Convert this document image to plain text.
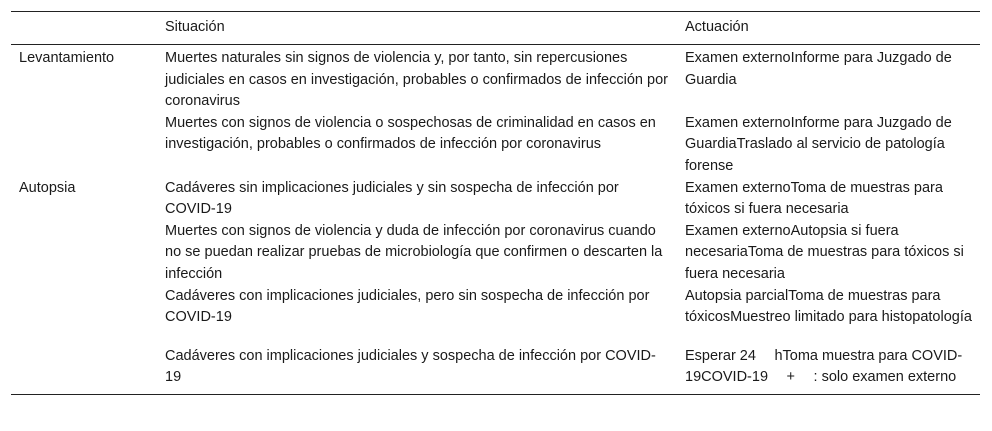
	Situación	Actuación
Levantamiento	Muertes naturales sin signos de violencia y, por tanto, sin repercusiones judiciales en casos en investigación, probables o confirmados de infección por coronavirus	Examen externoInforme para Juzgado de Guardia
	Muertes con signos de violencia o sospechosas de criminalidad en casos en investigación, probables o confirmados de infección por coronavirus	Examen externoInforme para Juzgado de GuardiaTraslado al servicio de patología forense
Autopsia	Cadáveres sin implicaciones judiciales y sin sospecha de infección por COVID-19	Examen externoToma de muestras para tóxicos si fuera necesaria
	Muertes con signos de violencia y duda de infección por coronavirus cuando no se puedan realizar pruebas de microbiología que confirmen o descarten la infección	Examen externoAutopsia si fuera necesariaToma de muestras para tóxicos si fuera necesaria
	Cadáveres con implicaciones judiciales, pero sin sospecha de infección por COVID-19	Autopsia parcialToma de muestras para tóxicosMuestreo limitado para histopatología
	Cadáveres con implicaciones judiciales y sospecha de infección por COVID-19	Esperar 24  hToma muestra para COVID-19COVID-19  +  : solo examen externo
